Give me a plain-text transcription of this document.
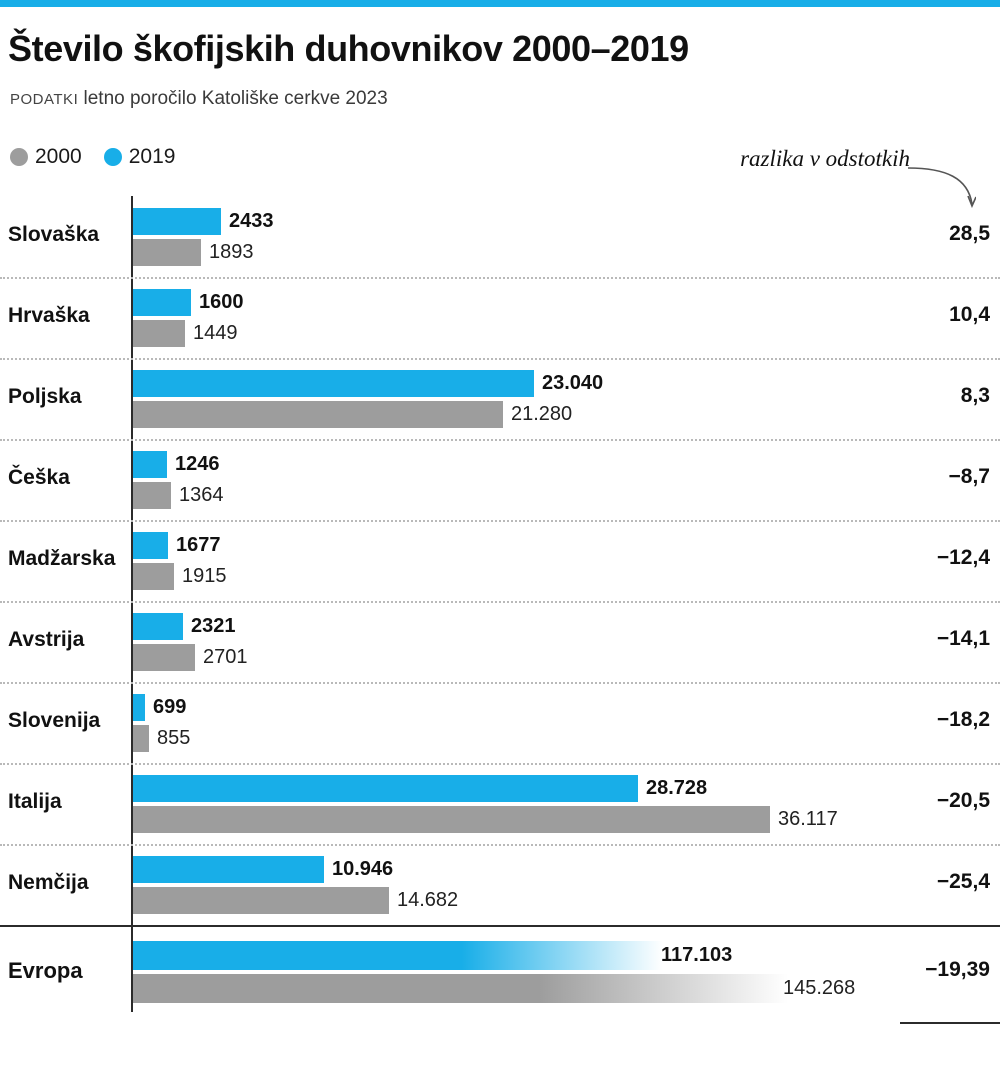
Število škofijskih duhovnikov 2000–2019
PODATKI letno poročilo Katoliške cerkve 2023
2000 2019	razlika v odstotkih
Slovaška
2433
1893
28,5
Hrvaška
1600
1449
10,4
Poljska
23.040
21.280
8,3
Češka
1246
1364
−8,7
Madžarska
1677
1915
−12,4
Avstrija
2321
2701
−14,1
Slovenija
699
855
−18,2
Italija
28.728
36.117
−20,5
Nemčija
10.946
14.682
−25,4
Evropa
117.103
145.268
−19,39
